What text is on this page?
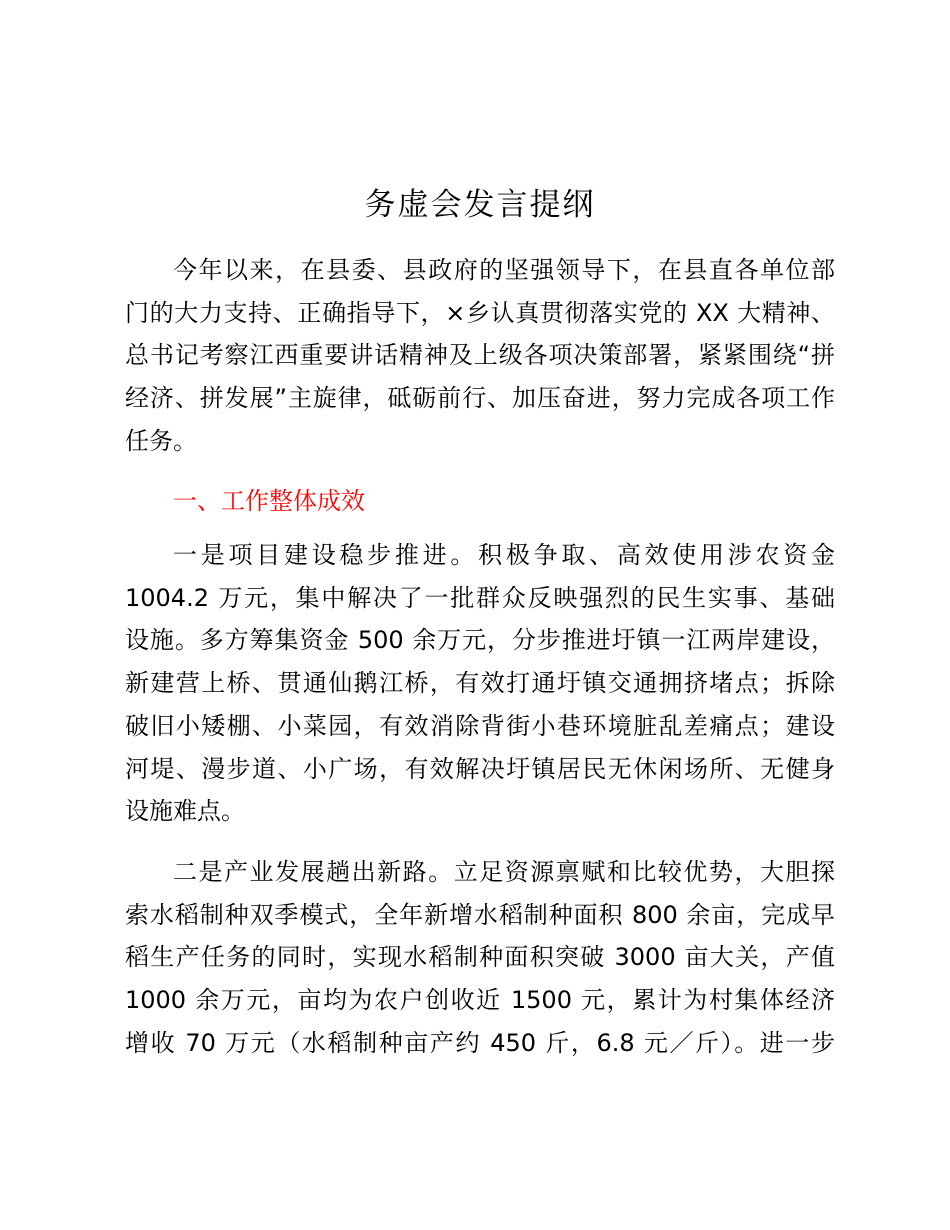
务虚会发言提纲
今年以来，在县委、县政府的坚强领导下，在县直各单位部
门的大力支持、正确指导下，×乡认真贯彻落实党的 XX 大精神、
总书记考察江西重要讲话精神及上级各项决策部署，紧紧围绕“拼
经济、拼发展”主旋律，砥砺前行、加压奋进，努力完成各项工作
任务。
一、工作整体成效
一是项目建设稳步推进。积极争取、高效使用涉农资金
1004.2 万元，集中解决了一批群众反映强烈的民生实事、基础
设施。多方筹集资金 500 余万元，分步推进圩镇一江两岸建设，
新建营上桥、贯通仙鹅江桥，有效打通圩镇交通拥挤堵点；拆除
破旧小矮棚、小菜园，有效消除背街小巷环境脏乱差痛点；建设
河堤、漫步道、小广场，有效解决圩镇居民无休闲场所、无健身
设施难点。
二是产业发展趟出新路。立足资源禀赋和比较优势，大胆探
索水稻制种双季模式，全年新增水稻制种面积 800 余亩，完成早
稻生产任务的同时，实现水稻制种面积突破 3000 亩大关，产值
1000 余万元，亩均为农户创收近 1500 元，累计为村集体经济
增收 70 万元（水稻制种亩产约 450 斤，6.8 元／斤）。进一步
